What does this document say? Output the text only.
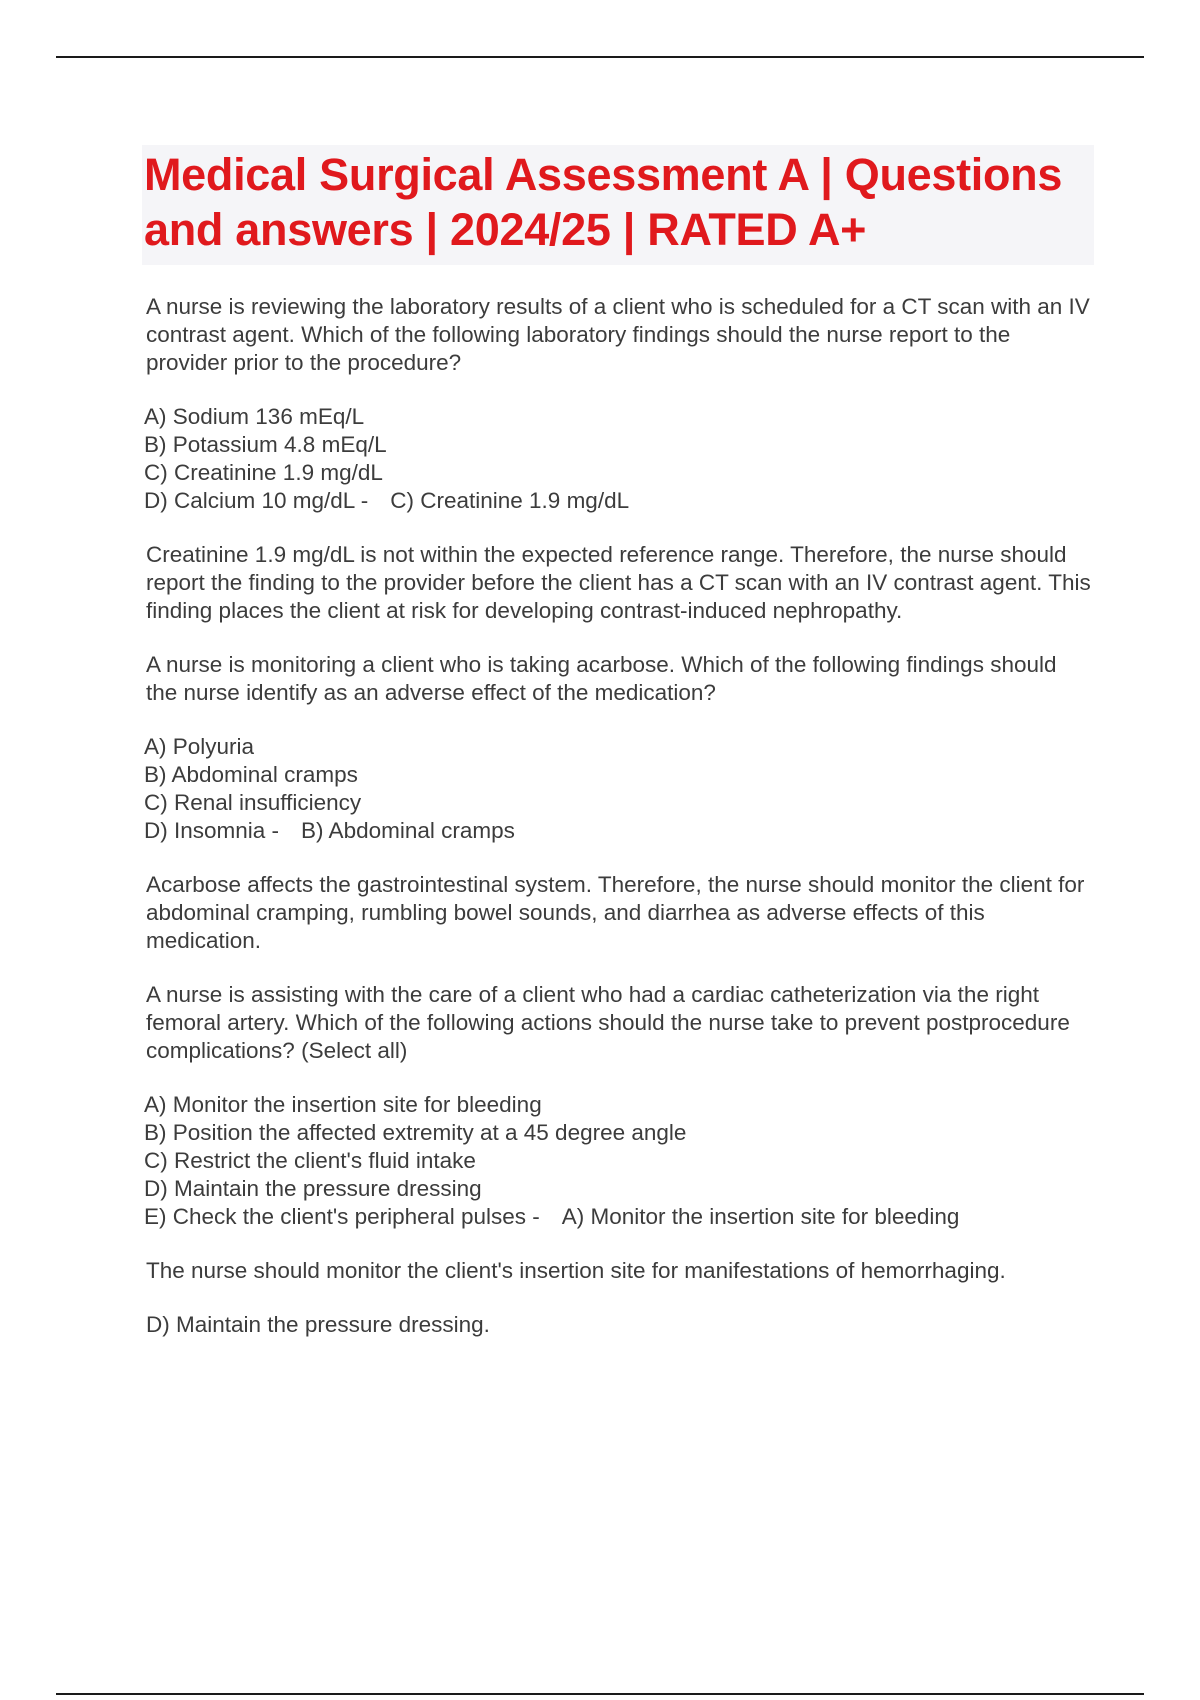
Medical Surgical Assessment A | Questions and answers | 2024/25 | RATED A+

A nurse is reviewing the laboratory results of a client who is scheduled for a CT scan with an IV contrast agent. Which of the following laboratory findings should the nurse report to the provider prior to the procedure?

A) Sodium 136 mEq/L
B) Potassium 4.8 mEq/L
C) Creatinine 1.9 mg/dL
D) Calcium 10 mg/dL - C) Creatinine 1.9 mg/dL

Creatinine 1.9 mg/dL is not within the expected reference range. Therefore, the nurse should report the finding to the provider before the client has a CT scan with an IV contrast agent. This finding places the client at risk for developing contrast-induced nephropathy.

A nurse is monitoring a client who is taking acarbose. Which of the following findings should the nurse identify as an adverse effect of the medication?

A) Polyuria
B) Abdominal cramps
C) Renal insufficiency
D) Insomnia - B) Abdominal cramps

Acarbose affects the gastrointestinal system. Therefore, the nurse should monitor the client for abdominal cramping, rumbling bowel sounds, and diarrhea as adverse effects of this medication.

A nurse is assisting with the care of a client who had a cardiac catheterization via the right femoral artery. Which of the following actions should the nurse take to prevent postprocedure complications? (Select all)

A) Monitor the insertion site for bleeding
B) Position the affected extremity at a 45 degree angle
C) Restrict the client's fluid intake
D) Maintain the pressure dressing
E) Check the client's peripheral pulses - A) Monitor the insertion site for bleeding

The nurse should monitor the client's insertion site for manifestations of hemorrhaging.

D) Maintain the pressure dressing.
